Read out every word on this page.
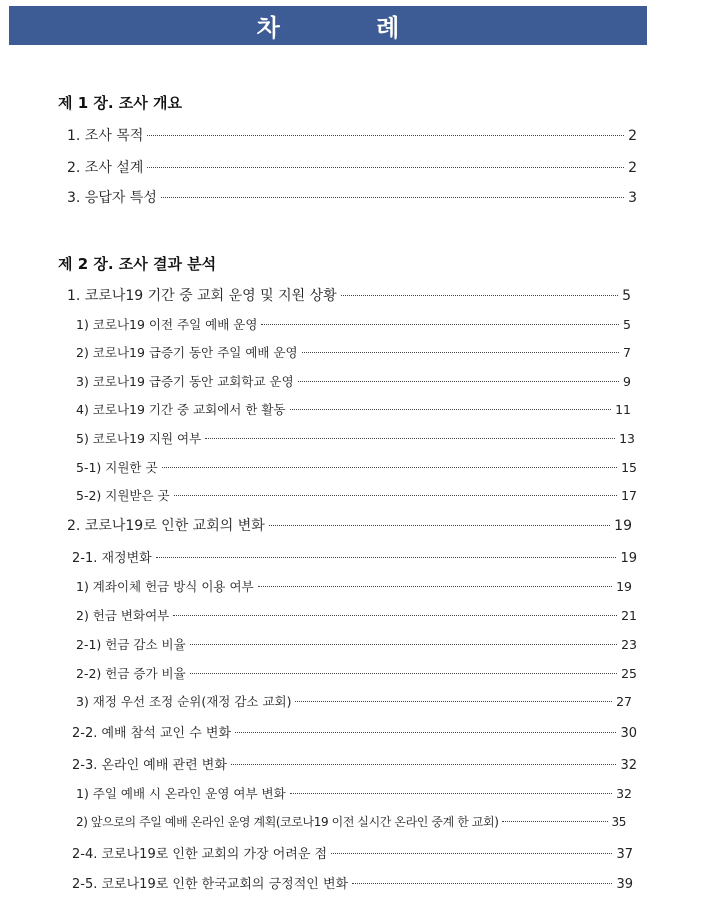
차 례
제 1 장. 조사 개요
1. 조사 목적	2
2. 조사 설계	2
3. 응답자 특성	3
제 2 장. 조사 결과 분석
1. 코로나19 기간 중 교회 운영 및 지원 상황	5
1) 코로나19 이전 주일 예배 운영	5
2) 코로나19 급증기 동안 주일 예배 운영	7
3) 코로나19 급증기 동안 교회학교 운영	9
4) 코로나19 기간 중 교회에서 한 활동	11
5) 코로나19 지원 여부	13
5-1) 지원한 곳	15
5-2) 지원받은 곳	17
2. 코로나19로 인한 교회의 변화	19
2-1. 재정변화	19
1) 계좌이체 헌금 방식 이용 여부	19
2) 헌금 변화여부	21
2-1) 헌금 감소 비율	23
2-2) 헌금 증가 비율	25
3) 재정 우선 조정 순위(재정 감소 교회)	27
2-2. 예배 참석 교인 수 변화	30
2-3. 온라인 예배 관련 변화	32
1) 주일 예배 시 온라인 운영 여부 변화	32
2) 앞으로의 주일 예배 온라인 운영 계획(코로나19 이전 실시간 온라인 중계 한 교회)	35
2-4. 코로나19로 인한 교회의 가장 어려운 점	37
2-5. 코로나19로 인한 한국교회의 긍정적인 변화	39
